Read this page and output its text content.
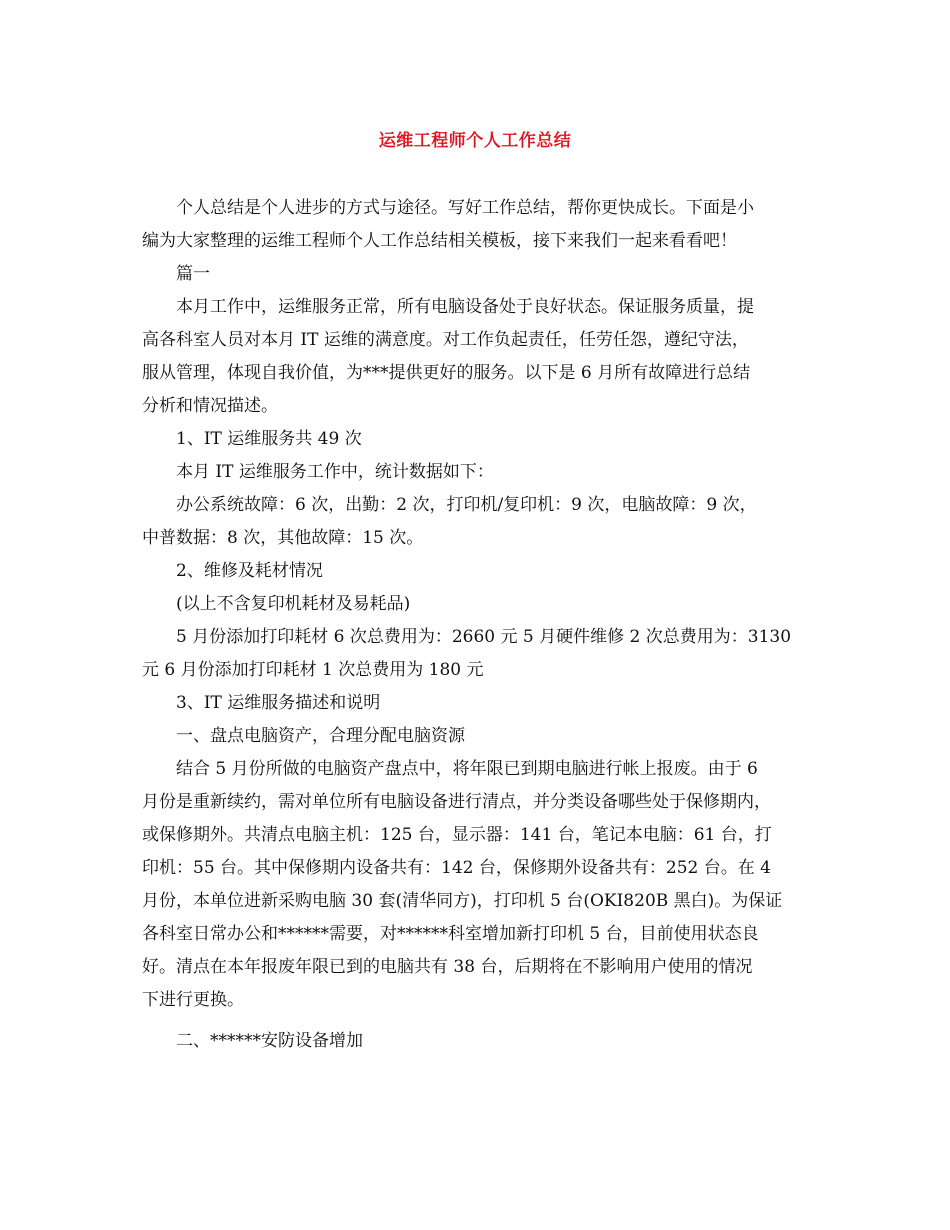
运维工程师个人工作总结
个人总结是个人进步的方式与途径。写好工作总结，帮你更快成长。下面是小
编为大家整理的运维工程师个人工作总结相关模板，接下来我们一起来看看吧！
篇一
本月工作中，运维服务正常，所有电脑设备处于良好状态。保证服务质量，提
高各科室人员对本月 IT 运维的满意度。对工作负起责任，任劳任怨，遵纪守法，
服从管理，体现自我价值，为***提供更好的服务。以下是 6 月所有故障进行总结
分析和情况描述。
1、IT 运维服务共 49 次
本月 IT 运维服务工作中，统计数据如下：
办公系统故障：6 次，出勤：2 次，打印机/复印机：9 次，电脑故障：9 次，
中普数据：8 次，其他故障：15 次。
2、维修及耗材情况
(以上不含复印机耗材及易耗品)
5 月份添加打印耗材 6 次总费用为：2660 元 5 月硬件维修 2 次总费用为：3130
元 6 月份添加打印耗材 1 次总费用为 180 元
3、IT 运维服务描述和说明
一、盘点电脑资产，合理分配电脑资源
结合 5 月份所做的电脑资产盘点中，将年限已到期电脑进行帐上报废。由于 6
月份是重新续约，需对单位所有电脑设备进行清点，并分类设备哪些处于保修期内，
或保修期外。共清点电脑主机：125 台，显示器：141 台，笔记本电脑：61 台，打
印机：55 台。其中保修期内设备共有：142 台，保修期外设备共有：252 台。在 4
月份，本单位进新采购电脑 30 套(清华同方)，打印机 5 台(OKI820B 黑白)。为保证
各科室日常办公和******需要，对******科室增加新打印机 5 台，目前使用状态良
好。清点在本年报废年限已到的电脑共有 38 台，后期将在不影响用户使用的情况
下进行更换。
二、******安防设备增加
